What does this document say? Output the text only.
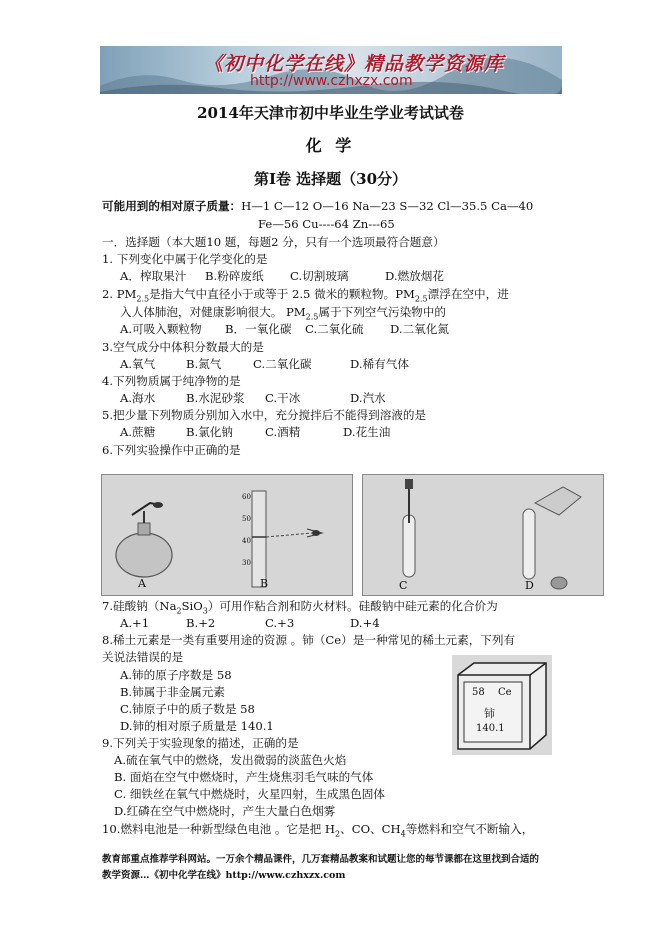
《初中化学在线》精品教学资源库
http://www.czhxzx.com
2014年天津市初中毕业生学业考试试卷
化 学
第Ⅰ卷 选择题（30分）
可能用到的相对原子质量：H—1 C—12 O—16 Na—23 S—32 Cl—35.5 Ca—40
Fe—56 Cu----64 Zn---65
一．选择题（本大题10 题，每题2 分，只有一个选项最符合题意）
1. 下列变化中属于化学变化的是
A．榨取果汁 B.粉碎废纸 C.切割玻璃	D.燃放烟花
2. $PM_{2.5}$是指大气中直径小于或等于 2.5 微米的颗粒物。$PM_{2.5}$漂浮在空中，进
入人体肺泡，对健康影响很大。 $PM_{2.5}$属于下列空气污染物中的
A.可吸入颗粒物 B．一氧化碳 C.二氧化硫 D.二氧化氮
3.空气成分中体积分数最大的是
A.氧气	B.氮气	C.二氧化碳	D.稀有气体
4.下列物质属于纯净物的是
A.海水	B.水泥砂浆 C.干冰	D.汽水
5.把少量下列物质分别加入水中，充分搅拌后不能得到溶液的是
A.蔗糖	B.氯化钠	C.酒精	D.花生油
6.下列实验操作中正确的是
60
50
40
30
A	B	C	D
7.硅酸钠$(Na_2SiO_3)$可用作粘合剂和防火材料。硅酸钠中硅元素的化合价为
A.+1	B.+2	C.+3	D.+4
8.稀土元素是一类有重要用途的资源 。铈（Ce）是一种常见的稀土元素，下列有
关说法错误的是
A.铈的原子序数是 58
B.铈属于非金属元素
C.铈原子中的质子数是 58
D.铈的相对原子质量是 140.1
58 Ce
铈
140.1
9.下列关于实验现象的描述，正确的是
A.硫在氧气中的燃烧，发出微弱的淡蓝色火焰
B. 面焰在空气中燃烧时，产生烧焦羽毛气味的气体
C. 细铁丝在氧气中燃烧时，火星四射，生成黑色固体
D.红磷在空气中燃烧时，产生大量白色烟雾
10.燃料电池是一种新型绿色电池 。它是把 $H_2$、CO、$CH_4$等燃料和空气不断输入，
教育部重点推荐学科网站。一万余个精品课件，几万套精品教案和试题让您的每节课都在这里找到合适的
教学资源…《初中化学在线》http://www.czhxzx.com
